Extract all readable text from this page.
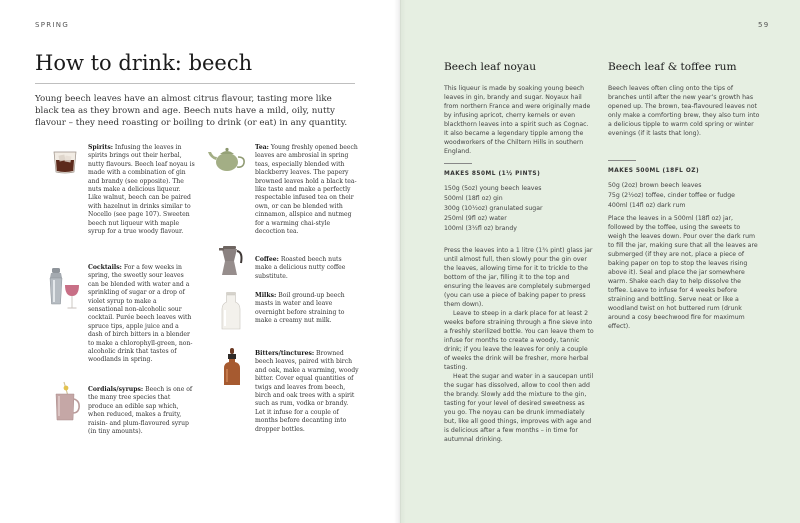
SPRING
How to drink: beech

Young beech leaves have an almost citrus flavour, tasting more like black tea as they brown and age. Beech nuts have a mild, oily, nutty flavour – they need roasting or boiling to drink (or eat) in any quantity.

Spirits: Infusing the leaves in spirits brings out their herbal, nutty flavours. Beech leaf noyau is made with a combination of gin and brandy (see opposite). The nuts make a delicious liqueur. Like walnut, beech can be paired with hazelnut in drinks similar to Nocello (see page 107). Sweeten beech nut liqueur with maple syrup for a true woody flavour.

Cocktails: For a few weeks in spring, the sweetly sour leaves can be blended with water and a sprinkling of sugar or a drop of violet syrup to make a sensational non-alcoholic sour cocktail. Purée beech leaves with spruce tips, apple juice and a dash of birch bitters in a blender to make a chlorophyll-green, non-alcoholic drink that tastes of woodlands in spring.

Cordials/syrups: Beech is one of the many tree species that produce an edible sap which, when reduced, makes a fruity, raisin- and plum-flavoured syrup (in tiny amounts).

Tea: Young freshly opened beech leaves are ambrosial in spring teas, especially blended with blackberry leaves. The papery browned leaves hold a black tea-like taste and make a perfectly respectable infused tea on their own, or can be blended with cinnamon, allspice and nutmeg for a warming chai-style decoction tea.

Coffee: Roasted beech nuts make a delicious nutty coffee substitute.

Milks: Boil ground-up beech masts in water and leave overnight before straining to make a creamy nut milk.

Bitters/tinctures: Browned beech leaves, paired with birch and oak, make a warming, woody bitter. Cover equal quantities of twigs and leaves from beech, birch and oak trees with a spirit such as rum, vodka or brandy. Let it infuse for a couple of months before decanting into dropper bottles.

59
Beech leaf noyau

This liqueur is made by soaking young beech leaves in gin, brandy and sugar. Noyaux hail from northern France and were originally made by infusing apricot, cherry kernels or even blackthorn leaves into a spirit such as Cognac. It also became a legendary tipple among the woodworkers of the Chiltern Hills in southern England.

MAKES 850ML (1½ PINTS)

150g (5oz) young beech leaves
500ml (18fl oz) gin
300g (10½oz) granulated sugar
250ml (9fl oz) water
100ml (3½fl oz) brandy

Press the leaves into a 1 litre (1¾ pint) glass jar until almost full, then slowly pour the gin over the leaves, allowing time for it to trickle to the bottom of the jar, filling it to the top and ensuring the leaves are completely submerged (you can use a piece of baking paper to press them down).

Leave to steep in a dark place for at least 2 weeks before straining through a fine sieve into a freshly sterilized bottle. You can leave them to infuse for months to create a woody, tannic drink; if you leave the leaves for only a couple of weeks the drink will be fresher, more herbal tasting.

Heat the sugar and water in a saucepan until the sugar has dissolved, allow to cool then add the brandy. Slowly add the mixture to the gin, tasting for your level of desired sweetness as you go. The noyau can be drunk immediately but, like all good things, improves with age and is delicious after a few months – in time for autumnal drinking.

Beech leaf & toffee rum

Beech leaves often cling onto the tips of branches until after the new year’s growth has opened up. The brown, tea-flavoured leaves not only make a comforting brew, they also turn into a delicious tipple to warm cold spring or winter evenings (if it lasts that long).

MAKES 500ML (18FL OZ)

50g (2oz) brown beech leaves
75g (2½oz) toffee, cinder toffee or fudge
400ml (14fl oz) dark rum

Place the leaves in a 500ml (18fl oz) jar, followed by the toffee, using the sweets to weigh the leaves down. Pour over the dark rum to fill the jar, making sure that all the leaves are submerged (if they are not, place a piece of baking paper on top to stop the leaves rising above it). Seal and place the jar somewhere warm. Shake each day to help dissolve the toffee. Leave to infuse for 4 weeks before straining and bottling. Serve neat or like a woodland twist on hot buttered rum (drunk around a cosy beechwood fire for maximum effect).
